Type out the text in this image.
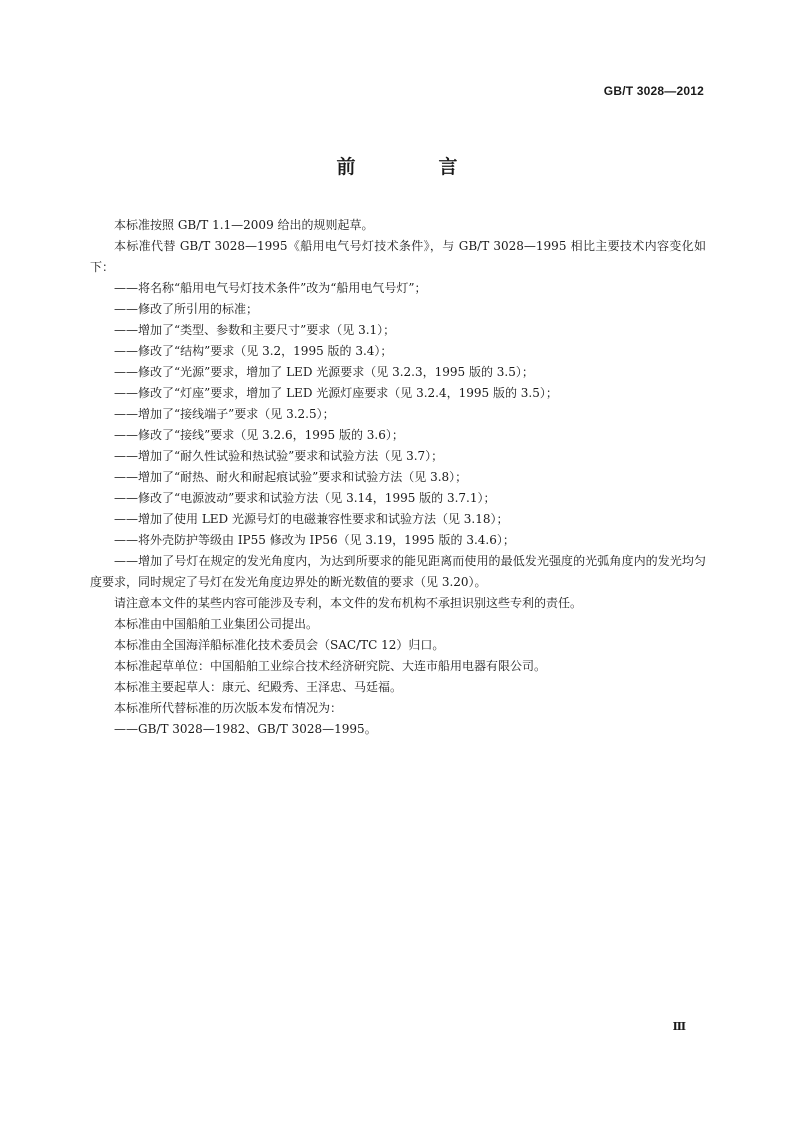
GB/T 3028—2012
前　言

本标准按照 GB/T 1.1—2009 给出的规则起草。

本标准代替 GB/T 3028—1995《船用电气号灯技术条件》，与 GB/T 3028—1995 相比主要技术内容变化如下：

——将名称“船用电气号灯技术条件”改为“船用电气号灯”；

——修改了所引用的标准；

——增加了“类型、参数和主要尺寸”要求（见 3.1）；

——修改了“结构”要求（见 3.2，1995 版的 3.4）；

——修改了“光源”要求，增加了 LED 光源要求（见 3.2.3，1995 版的 3.5）；

——修改了“灯座”要求，增加了 LED 光源灯座要求（见 3.2.4，1995 版的 3.5）；

——增加了“接线端子”要求（见 3.2.5）；

——修改了“接线”要求（见 3.2.6，1995 版的 3.6）；

——增加了“耐久性试验和热试验”要求和试验方法（见 3.7）；

——增加了“耐热、耐火和耐起痕试验”要求和试验方法（见 3.8）；

——修改了“电源波动”要求和试验方法（见 3.14，1995 版的 3.7.1）；

——增加了使用 LED 光源号灯的电磁兼容性要求和试验方法（见 3.18）；

——将外壳防护等级由 IP55 修改为 IP56（见 3.19，1995 版的 3.4.6）；

——增加了号灯在规定的发光角度内，为达到所要求的能见距离而使用的最低发光强度的光弧角度内的发光均匀度要求，同时规定了号灯在发光角度边界处的断光数值的要求（见 3.20）。

请注意本文件的某些内容可能涉及专利，本文件的发布机构不承担识别这些专利的责任。

本标准由中国船舶工业集团公司提出。

本标准由全国海洋船标准化技术委员会（SAC/TC 12）归口。

本标准起草单位：中国船舶工业综合技术经济研究院、大连市船用电器有限公司。

本标准主要起草人：康元、纪殿秀、王泽忠、马廷福。

本标准所代替标准的历次版本发布情况为：

——GB/T 3028—1982、GB/T 3028—1995。

Ⅲ
